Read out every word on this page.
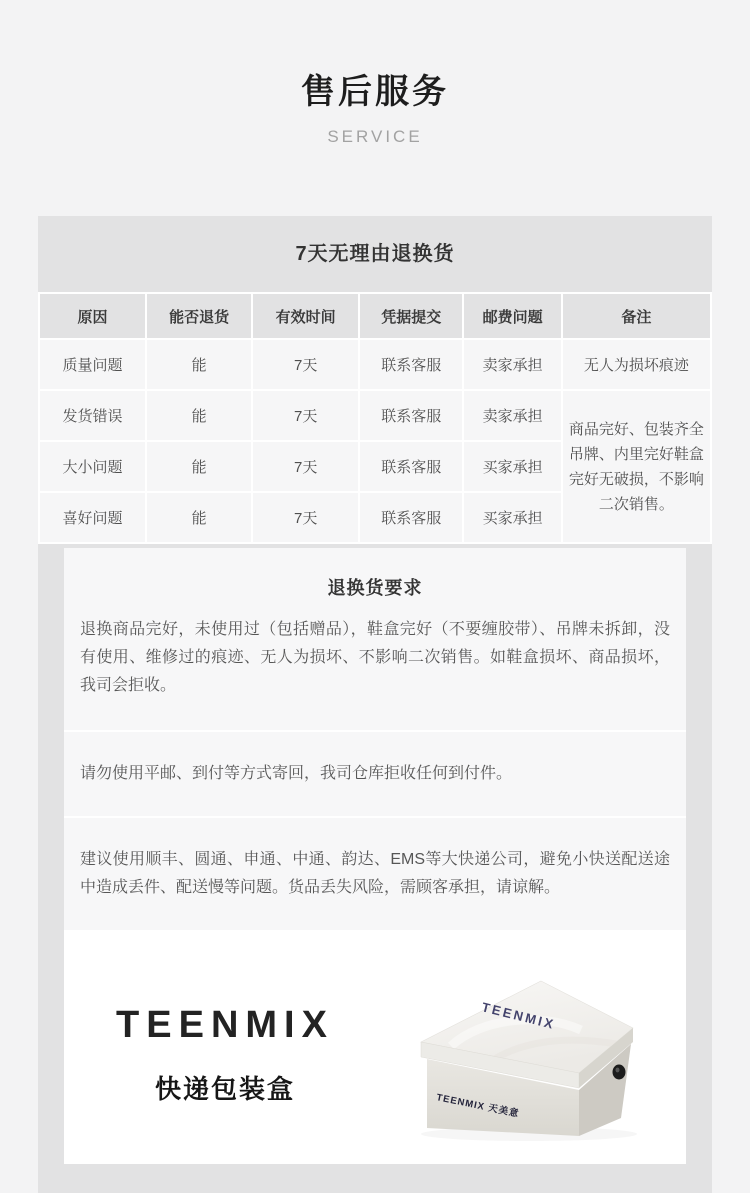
售后服务
SERVICE
7天无理由退换货
原因	能否退货	有效时间	凭据提交	邮费问题	备注
质量问题	能	7天	联系客服	卖家承担	无人为损坏痕迹
发货错误	能	7天	联系客服	卖家承担	商品完好、包装齐全吊牌、内里完好鞋盒完好无破损，不影响二次销售。
大小问题	能	7天	联系客服	买家承担	
喜好问题	能	7天	联系客服	买家承担	
退换货要求

退换商品完好，未使用过（包括赠品），鞋盒完好（不要缠胶带）、吊牌未拆卸，没有使用、维修过的痕迹、无人为损坏、不影响二次销售。如鞋盒损坏、商品损坏，我司会拒收。

请勿使用平邮、到付等方式寄回，我司仓库拒收任何到付件。

建议使用顺丰、圆通、申通、中通、韵达、EMS等大快递公司，避免小快送配送途中造成丢件、配送慢等问题。货品丢失风险，需顾客承担，请谅解。

TEENMIX
快递包装盒
TEENMIX
TEENMIX 天美意
